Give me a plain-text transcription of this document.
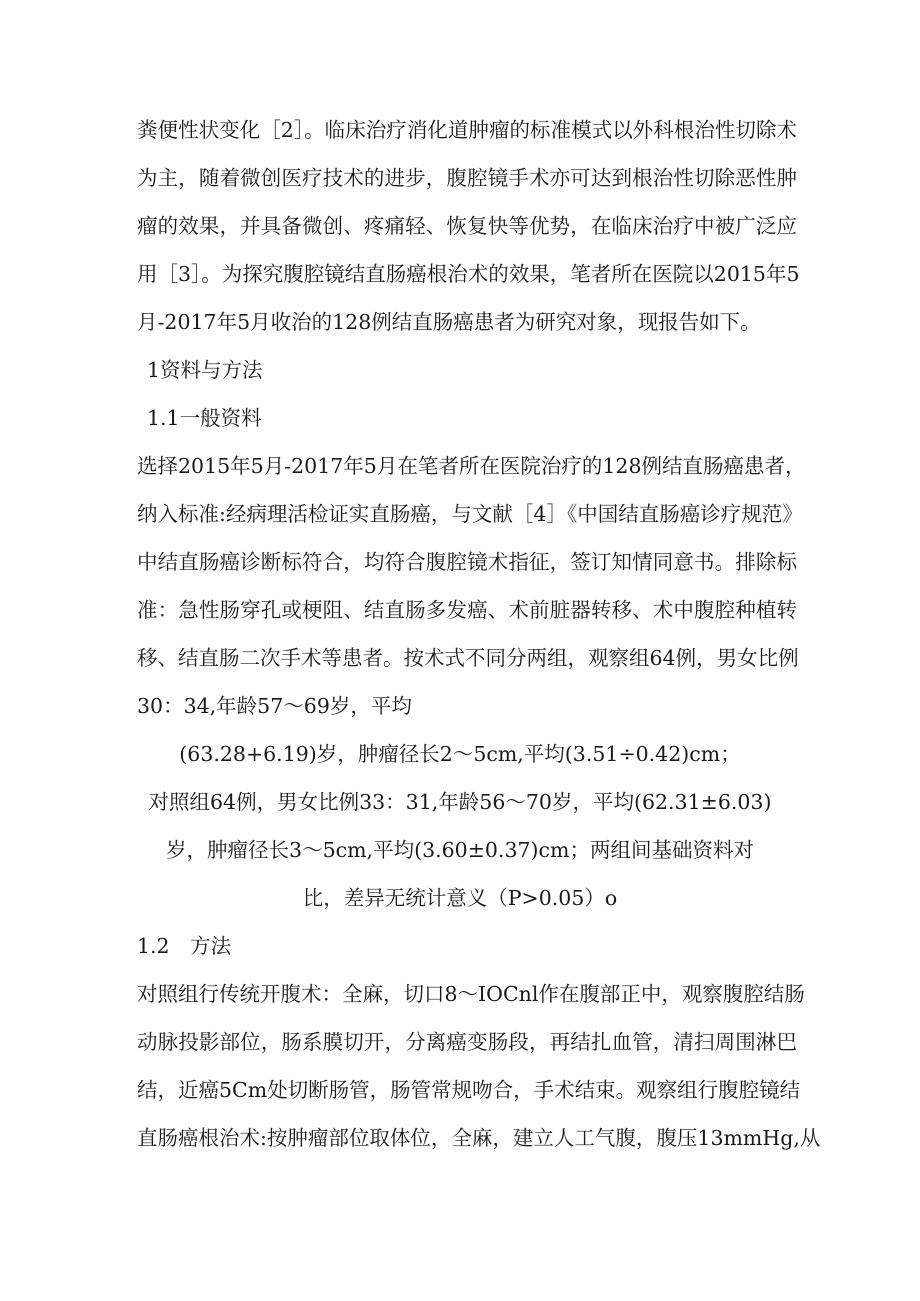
粪便性状变化［2］。临床治疗消化道肿瘤的标准模式以外科根治性切除术
为主，随着微创医疗技术的进步，腹腔镜手术亦可达到根治性切除恶性肿
瘤的效果，并具备微创、疼痛轻、恢复快等优势，在临床治疗中被广泛应
用［3］。为探究腹腔镜结直肠癌根治术的效果，笔者所在医院以2015年5
月-2017年5月收治的128例结直肠癌患者为研究对象，现报告如下。
1资料与方法
1.1一般资料
选择2015年5月-2017年5月在笔者所在医院治疗的128例结直肠癌患者，
纳入标准:经病理活检证实直肠癌，与文献［4］《中国结直肠癌诊疗规范》
中结直肠癌诊断标符合，均符合腹腔镜术指征，签订知情同意书。排除标
准：急性肠穿孔或梗阻、结直肠多发癌、术前脏器转移、术中腹腔种植转
移、结直肠二次手术等患者。按术式不同分两组，观察组64例，男女比例
30：34,年龄57～69岁，平均
(63.28+6.19)岁，肿瘤径长2～5cm,平均(3.51÷0.42)cm；
对照组64例，男女比例33：31,年龄56～70岁，平均(62.31±6.03)
岁，肿瘤径长3～5cm,平均(3.60±0.37)cm；两组间基础资料对
比，差异无统计意义（P>0.05）o
1.2　方法
对照组行传统开腹术：全麻，切口8～IOCnl作在腹部正中，观察腹腔结肠
动脉投影部位，肠系膜切开，分离癌变肠段，再结扎血管，清扫周围淋巴
结，近癌5Cm处切断肠管，肠管常规吻合，手术结束。观察组行腹腔镜结
直肠癌根治术:按肿瘤部位取体位，全麻，建立人工气腹，腹压13mmHg,从
